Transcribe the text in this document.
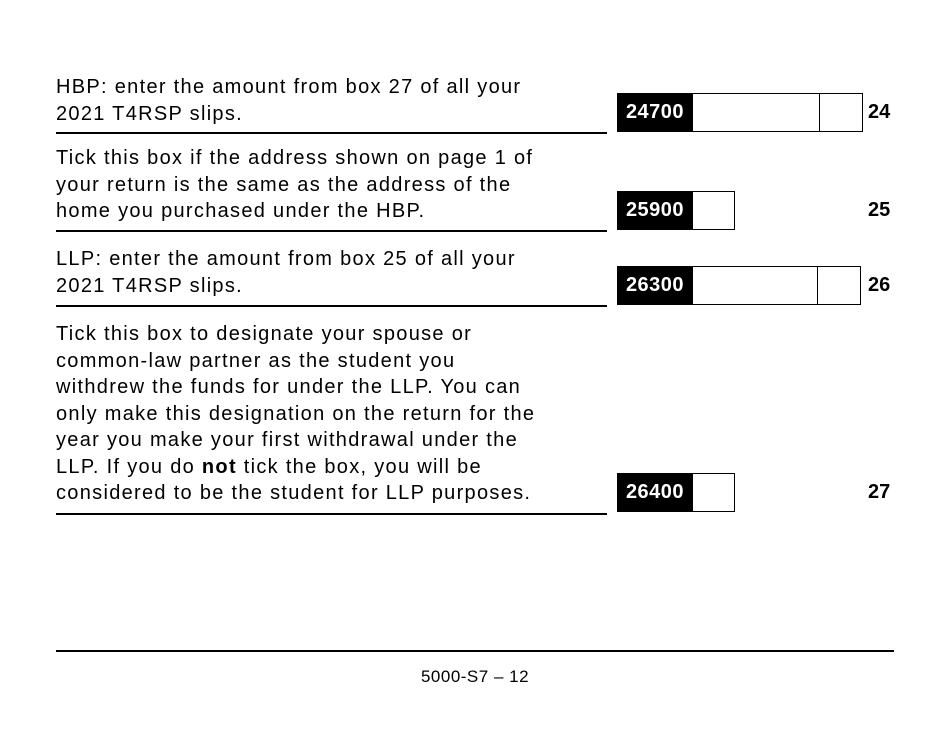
HBP: enter the amount from box 27 of all your
2021 T4RSP slips.	24700	24
Tick this box if the address shown on page 1 of
your return is the same as the address of the
home you purchased under the HBP.	25900	25
LLP: enter the amount from box 25 of all your
2021 T4RSP slips.	26300	26
Tick this box to designate your spouse or
common-law partner as the student you
withdrew the funds for under the LLP. You can
only make this designation on the return for the
year you make your first withdrawal under the
LLP. If you do not tick the box, you will be
considered to be the student for LLP purposes.	26400	27
5000-S7 – 12
